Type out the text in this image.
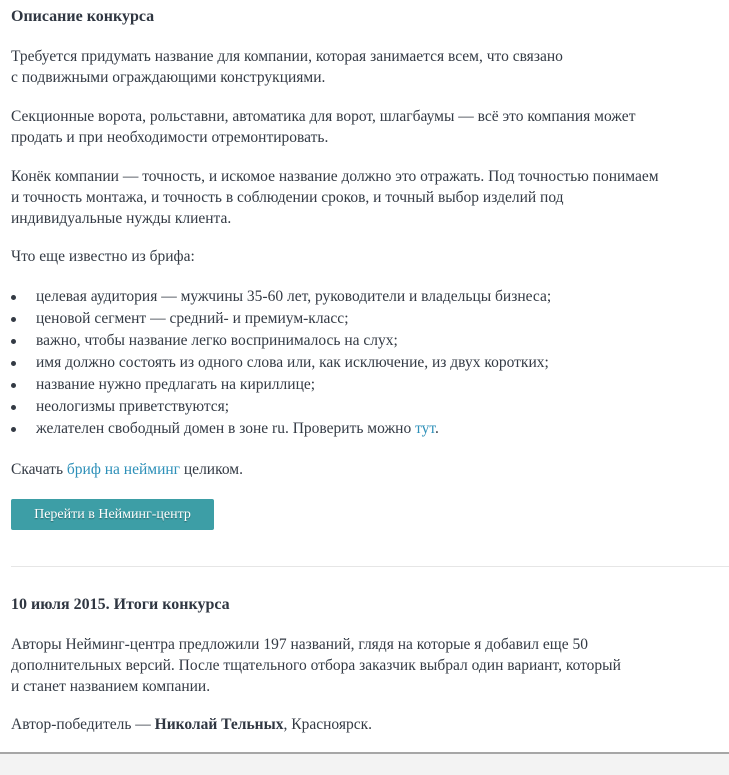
Описание конкурса

Требуется придумать название для компании, которая занимается всем, что связано
с подвижными ограждающими конструкциями.

Секционные ворота, рольставни, автоматика для ворот, шлагбаумы — всё это компания может
продать и при необходимости отремонтировать.

Конёк компании — точность, и искомое название должно это отражать. Под точностью понимаем
и точность монтажа, и точность в соблюдении сроков, и точный выбор изделий под
индивидуальные нужды клиента.

Что еще известно из брифа:

целевая аудитория — мужчины 35-60 лет, руководители и владельцы бизнеса;
ценовой сегмент — средний- и премиум-класс;
важно, чтобы название легко воспринималось на слух;
имя должно состоять из одного слова или, как исключение, из двух коротких;
название нужно предлагать на кириллице;
неологизмы приветствуются;
желателен свободный домен в зоне ru. Проверить можно тут.

Скачать бриф на нейминг целиком.

Перейти в Нейминг-центр
10 июля 2015. Итоги конкурса

Авторы Нейминг-центра предложили 197 названий, глядя на которые я добавил еще 50
дополнительных версий. После тщательного отбора заказчик выбрал один вариант, который
и станет названием компании.

Автор-победитель — Николай Тельных, Красноярск.
